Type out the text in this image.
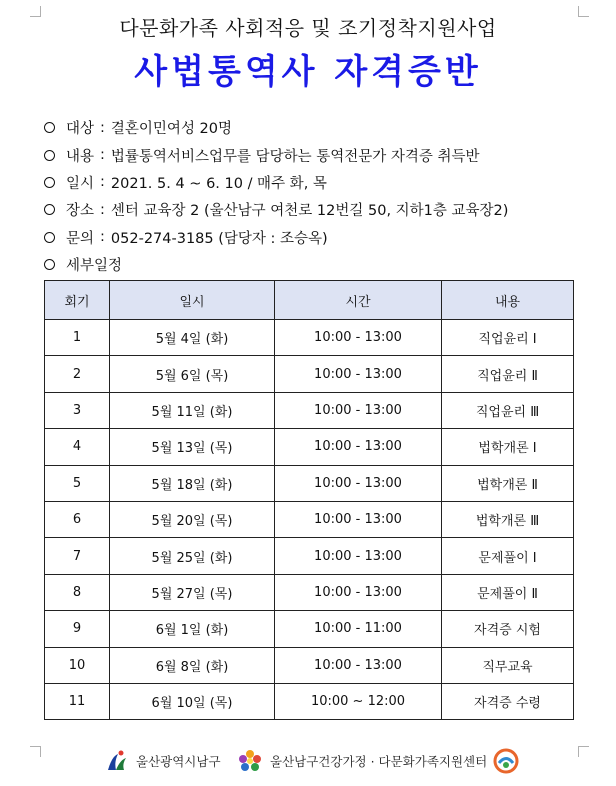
다문화가족 사회적응 및 조기정착지원사업
사법통역사 자격증반
대상 : 결혼이민여성 20명
내용 : 법률통역서비스업무를 담당하는 통역전문가 자격증 취득반
일시 : 2021. 5. 4 ~ 6. 10 / 매주 화, 목
장소 : 센터 교육장 2 (울산남구 여천로 12번길 50, 지하1층 교육장2)
문의 : 052-274-3185 (담당자 : 조승옥)
세부일정
회기	일시	시간	내용
1	5월 4일 (화)	10:00 - 13:00	직업윤리 Ⅰ
2	5월 6일 (목)	10:00 - 13:00	직업윤리 Ⅱ
3	5월 11일 (화)	10:00 - 13:00	직업윤리 Ⅲ
4	5월 13일 (목)	10:00 - 13:00	법학개론 Ⅰ
5	5월 18일 (화)	10:00 - 13:00	법학개론 Ⅱ
6	5월 20일 (목)	10:00 - 13:00	법학개론 Ⅲ
7	5월 25일 (화)	10:00 - 13:00	문제풀이 Ⅰ
8	5월 27일 (목)	10:00 - 13:00	문제풀이 Ⅱ
9	6월 1일 (화)	10:00 - 11:00	자격증 시험
10	6월 8일 (화)	10:00 - 13:00	직무교육
11	6월 10일 (목)	10:00 ~ 12:00	자격증 수령
울산광역시남구	울산남구건강가정 · 다문화가족지원센터
